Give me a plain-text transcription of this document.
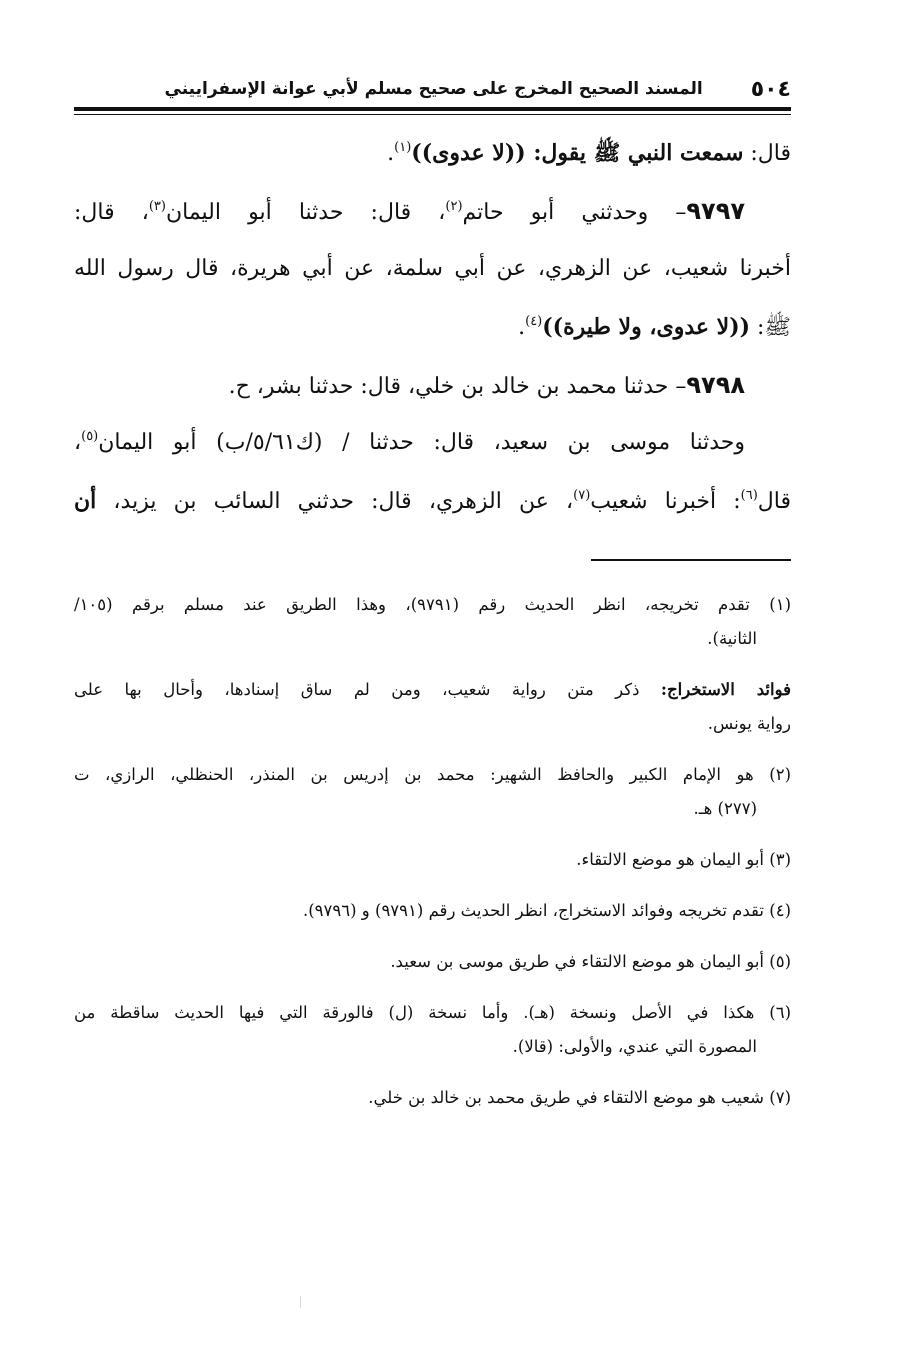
٥٠٤
المسند الصحيح المخرج على صحيح مسلم لأبي عوانة الإسفراييني
قال: سمعت النبي ﷺ يقول: ((لا عدوى))$^{(١)}$.
٩٧٩٧– وحدثني أبو حاتم$^{(٢)}$، قال: حدثنا أبو اليمان$^{(٣)}$، قال:
أخبرنا شعيب، عن الزهري، عن أبي سلمة، عن أبي هريرة، قال رسول الله
ﷺ: ((لا عدوى، ولا طيرة))$^{(٤)}$.
٩٧٩٨– حدثنا محمد بن خالد بن خلي، قال: حدثنا بشر، ح.
وحدثنا موسى بن سعيد، قال: حدثنا / (ك٥/٦١/ب) أبو اليمان$^{(٥)}$،
قال$^{(٦)}$: أخبرنا شعيب$^{(٧)}$، عن الزهري، قال: حدثني السائب بن يزيد، أن
(١) تقدم تخريجه، انظر الحديث رقم (٩٧٩١)، وهذا الطريق عند مسلم برقم (١٠٥/
الثانية).
فوائد الاستخراج: ذكر متن رواية شعيب، ومن لم ساق إسنادها، وأحال بها على
رواية يونس.
(٢) هو الإمام الكبير والحافظ الشهير: محمد بن إدريس بن المنذر، الحنظلي، الرازي، ت
(٢٧٧) هـ.
(٣) أبو اليمان هو موضع الالتقاء.
(٤) تقدم تخريجه وفوائد الاستخراج، انظر الحديث رقم (٩٧٩١) و (٩٧٩٦).
(٥) أبو اليمان هو موضع الالتقاء في طريق موسى بن سعيد.
(٦) هكذا في الأصل ونسخة (هـ). وأما نسخة (ل) فالورقة التي فيها الحديث ساقطة من
المصورة التي عندي، والأولى: (قالا).
(٧) شعيب هو موضع الالتقاء في طريق محمد بن خالد بن خلي.
